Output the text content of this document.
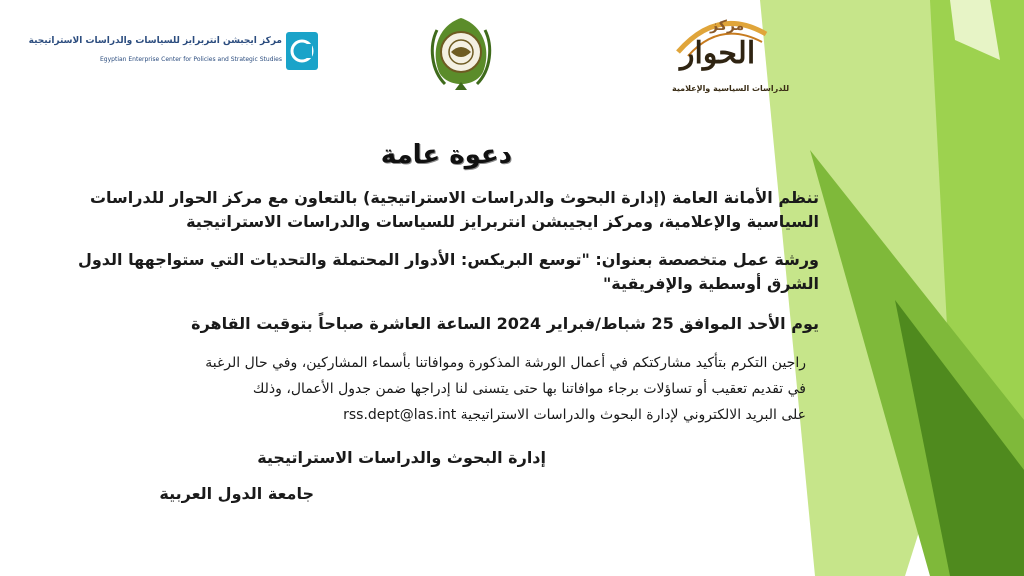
مركز ايجبشن انتربرايز للسياسات والدراسات الاستراتيجية
Egyptian Enterprise Center for Policies and Strategic Studies
مركز
الحوار
للدراسات السياسية والإعلامية
دعوة عامة
تنظم الأمانة العامة (إدارة البحوث والدراسات الاستراتيجية) بالتعاون مع مركز الحوار للدراسات
السياسية والإعلامية، ومركز ايجيبشن انتربرايز للسياسات والدراسات الاستراتيجية
ورشة عمل متخصصة بعنوان: "توسع البريكس: الأدوار المحتملة والتحديات التي ستواجهها الدول
الشرق أوسطية والإفريقية"
يوم الأحد الموافق 25 شباط/فبراير 2024 الساعة العاشرة صباحاً بتوقيت القاهرة
راجين التكرم بتأكيد مشاركتكم في أعمال الورشة المذكورة وموافاتنا بأسماء المشاركين، وفي حال الرغبة
في تقديم تعقيب أو تساؤلات برجاء موافاتنا بها حتى يتسنى لنا إدراجها ضمن جدول الأعمال، وذلك
على البريد الالكتروني لإدارة البحوث والدراسات الاستراتيجية rss.dept@las.int
إدارة البحوث والدراسات الاستراتيجية
جامعة الدول العربية
